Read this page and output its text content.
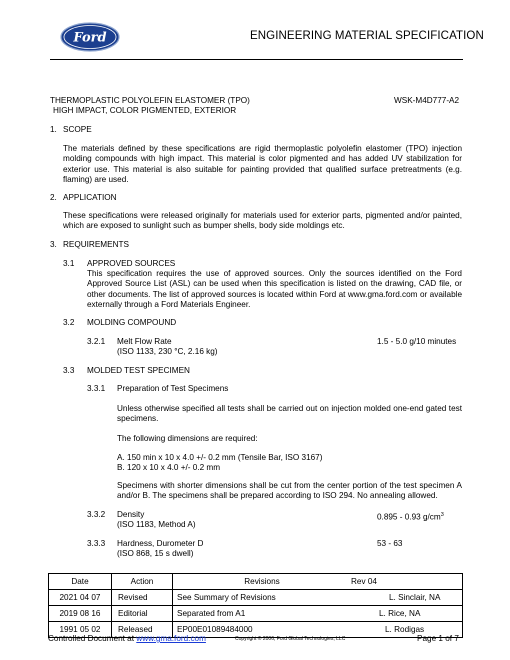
Ford	ENGINEERING MATERIAL SPECIFICATION
THERMOPLASTIC POLYOLEFIN ELASTOMER (TPO)
HIGH IMPACT, COLOR PIGMENTED, EXTERIOR
WSK-M4D777-A2
1. SCOPE
The materials defined by these specifications are rigid thermoplastic polyolefin elastomer (TPO) injection molding compounds with high impact. This material is color pigmented and has added UV stabilization for exterior use. This material is also suitable for painting provided that qualified surface pretreatments (e.g. flaming) are used.
2. APPLICATION
These specifications were released originally for materials used for exterior parts, pigmented and/or painted, which are exposed to sunlight such as bumper shells, body side moldings etc.
3. REQUIREMENTS
3.1 APPROVED SOURCES
This specification requires the use of approved sources. Only the sources identified on the Ford Approved Source List (ASL) can be used when this specification is listed on the drawing, CAD file, or other documents. The list of approved sources is located within Ford at www.gma.ford.com or available externally through a Ford Materials Engineer.
3.2 MOLDING COMPOUND
3.2.1 Melt Flow Rate
(ISO 1133, 230 °C, 2.16 kg)
1.5 - 5.0 g/10 minutes
3.3 MOLDED TEST SPECIMEN
3.3.1 Preparation of Test Specimens
Unless otherwise specified all tests shall be carried out on injection molded one-end gated test specimens.
The following dimensions are required:
A. 150 min x 10 x 4.0 +/- 0.2 mm (Tensile Bar, ISO 3167)
B. 120 x 10 x 4.0 +/- 0.2 mm
Specimens with shorter dimensions shall be cut from the center portion of the test specimen A and/or B. The specimens shall be prepared according to ISO 294. No annealing allowed.
3.3.2 Density
(ISO 1183, Method A)
0.895 - 0.93 $g/cm^3$
3.3.3 Hardness, Durometer D
(ISO 868, 15 s dwell)
53 - 63
Date	Action	Revisions Rev 04
2021 04 07	Revised	See Summary of Revisions L. Sinclair, NA
2019 08 16	Editorial	Separated from A1 L. Rice, NA
1991 05 02	Released	EP00E01089484000 L. Rodigas
Controlled Document at www.gma.ford.com	Copyright © 2006, Ford Global Technologies, LLC	Page 1 of 7
